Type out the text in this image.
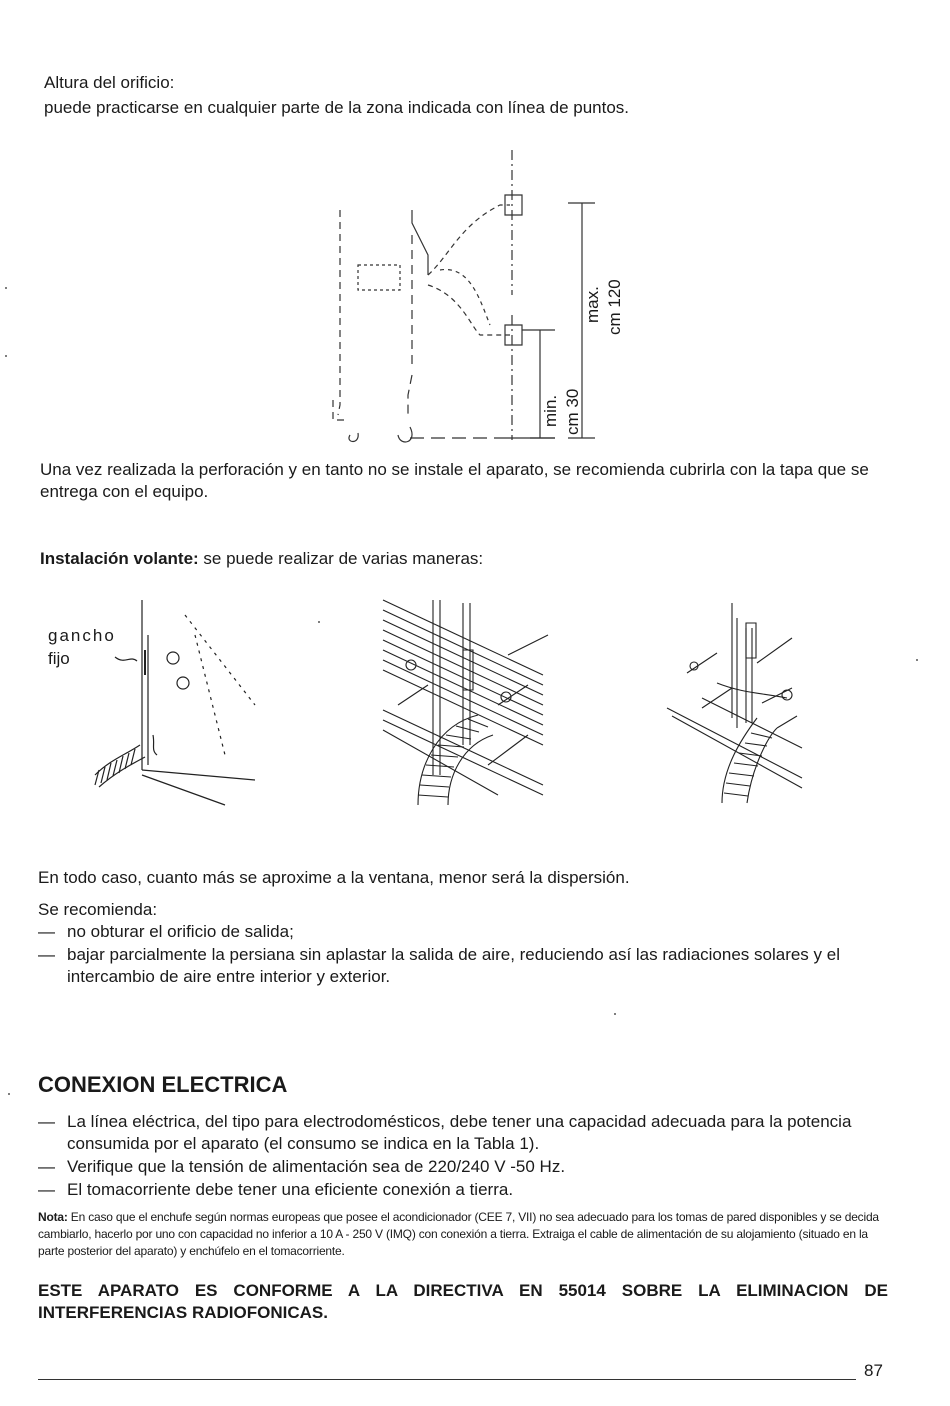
Altura del orificio:
puede practicarse en cualquier parte de la zona indicada con línea de puntos.
max. cm 120
min. cm 30
Una vez realizada la perforación y en tanto no se instale el aparato, se recomienda cubrirla con la tapa que se entrega con el equipo.
Instalación volante: se puede realizar de varias maneras:
gancho
fijo
En todo caso, cuanto más se aproxime a la ventana, menor será la dispersión.
Se recomienda:
— no obturar el orificio de salida;
— bajar parcialmente la persiana sin aplastar la salida de aire, reduciendo así las radiaciones solares y el intercambio de aire entre interior y exterior.
CONEXION ELECTRICA
— La línea eléctrica, del tipo para electrodomésticos, debe tener una capacidad adecuada para la potencia consumida por el aparato (el consumo se indica en la Tabla 1).
— Verifique que la tensión de alimentación sea de 220/240 V -50 Hz.
— El tomacorriente debe tener una eficiente conexión a tierra.
Nota: En caso que el enchufe según normas europeas que posee el acondicionador (CEE 7, VII) no sea adecuado para los tomas de pared disponibles y se decida cambiarlo, hacerlo por uno con capacidad no inferior a 10 A - 250 V (IMQ) con conexión a tierra. Extraiga el cable de alimentación de su alojamiento (situado en la parte posterior del aparato) y enchúfelo en el tomacorriente.
ESTE APARATO ES CONFORME A LA DIRECTIVA EN 55014 SOBRE LA ELIMINACION DE INTERFERENCIAS RADIOFONICAS.
87
